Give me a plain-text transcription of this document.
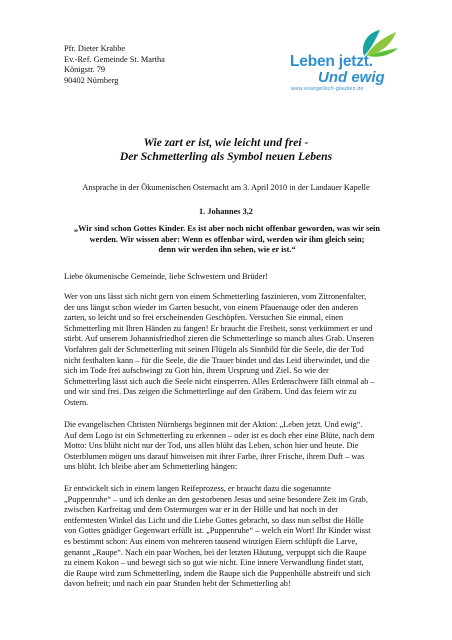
Pfr. Dieter Krabbe
Ev.-Ref. Gemeinde St. Martha
Königstr. 79
90402 Nürnberg
Leben jetzt.
Und ewig
www.evangelisch-glauben.de
Wie zart er ist, wie leicht und frei -
Der Schmetterling als Symbol neuen Lebens
Ansprache in der Ökumenischen Osternacht am 3. April 2010 in der Landauer Kapelle
1. Johannes 3,2
„Wir sind schon Gottes Kinder. Es ist aber noch nicht offenbar geworden, was wir sein
werden. Wir wissen aber: Wenn es offenbar wird, werden wir ihm gleich sein;
denn wir werden ihn sehen, wie er ist.“
Liebe ökumenische Gemeinde, liebe Schwestern und Brüder!
Wer von uns lässt sich nicht gern von einem Schmetterling faszinieren, vom Zitronenfalter,
der uns längst schon wieder im Garten besucht, von einem Pfauenauge oder den anderen
zarten, so leicht und so frei erscheinenden Geschöpfen. Versuchen Sie einmal, einen
Schmetterling mit Ihren Händen zu fangen! Er braucht die Freiheit, sonst verkümmert er und
stirbt. Auf unserem Johannisfriedhof zieren die Schmetterlinge so manch altes Grab. Unseren
Vorfahren galt der Schmetterling mit seinen Flügeln als Sinnbild für die Seele, die der Tod
nicht festhalten kann – für die Seele, die die Trauer bindet und das Leid überwindet, und die
sich im Tode frei aufschwingt zu Gott hin, ihrem Ursprung und Ziel. So wie der
Schmetterling lässt sich auch die Seele nicht einsperren. Alles Erdenschwere fällt einmal ab –
und wir sind frei. Das zeigen die Schmetterlinge auf den Gräbern. Und das feiern wir zu
Ostern.
Die evangelischen Christen Nürnbergs beginnen mit der Aktion: „Leben jetzt. Und ewig“.
Auf dem Logo ist ein Schmetterling zu erkennen – oder ist es doch eher eine Blüte, nach dem
Motto: Uns blüht nicht nur der Tod, uns allen blüht das Leben, schon hier und heute. Die
Osterblumen mögen uns darauf hinweisen mit ihrer Farbe, ihrer Frische, ihrem Duft – was
uns blüht. Ich bleibe aber am Schmetterling hängen:
Er entwickelt sich in einem langen Reifeprozess, er braucht dazu die sogenannte
„Puppenruhe“ – und ich denke an den gestorbenen Jesus und seine besondere Zeit im Grab,
zwischen Karfreitag und dem Ostermorgen war er in der Hölle und hat noch in der
entferntesten Winkel das Licht und die Liebe Gottes gebracht, so dass nun selbst die Hölle
von Gottes gnädiger Gegenwart erfüllt ist. „Puppenruhe“ – welch ein Wort! Ihr Kinder wisst
es bestimmt schon: Aus einem von mehreren tausend winzigen Eiern schlüpft die Larve,
genannt „Raupe“. Nach ein paar Wochen, bei der letzten Häutung, verpuppt sich die Raupe
zu einem Kokon – und bewegt sich so gut wie nicht. Eine innere Verwandlung findet statt,
die Raupe wird zum Schmetterling, indem die Raupe sich die Puppenhülle abstreift und sich
davon befreit; und nach ein paar Stunden hebt der Schmetterling ab!
